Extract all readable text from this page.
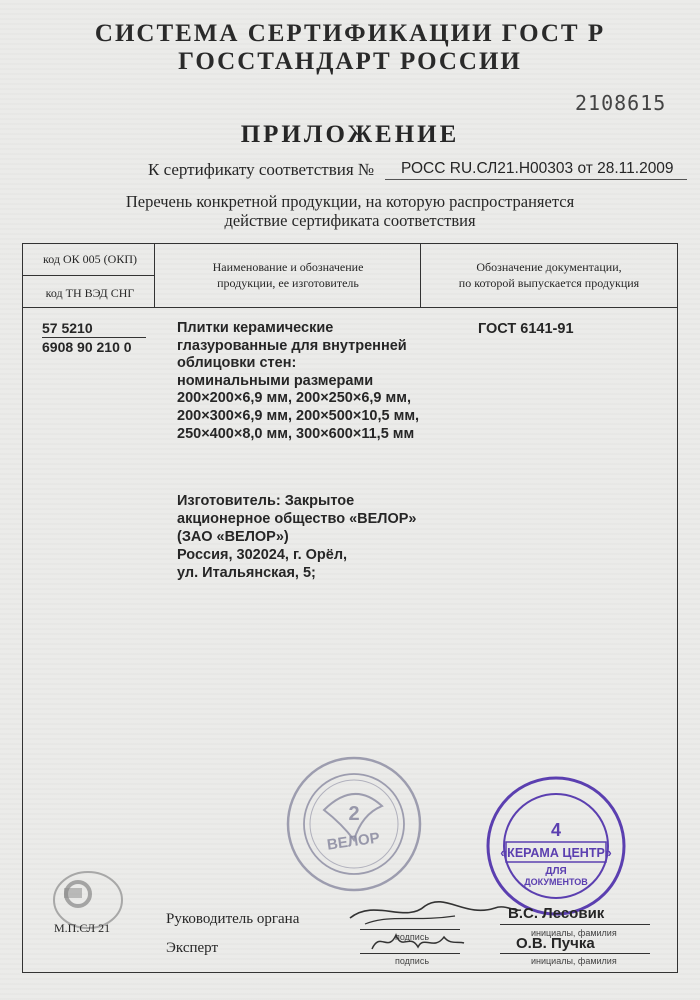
СИСТЕМА СЕРТИФИКАЦИИ ГОСТ Р
ГОССТАНДАРТ РОССИИ
2108615
ПРИЛОЖЕНИЕ
К сертификату соответствия № РОСС RU.СЛ21.Н00303 от 28.11.2009
Перечень конкретной продукции, на которую распространяется
действие сертификата соответствия
код ОК 005 (ОКП)
код ТН ВЭД СНГ
Наименование и обозначение
продукции, ее изготовитель
Обозначение документации,
по которой выпускается продукция
57 5210
6908 90 210 0
Плитки керамические
глазурованные для внутренней
облицовки стен:
номинальными размерами
200×200×6,9 мм, 200×250×6,9 мм,
200×300×6,9 мм, 200×500×10,5 мм,
250×400×8,0 мм, 300×600×11,5 мм
Изготовитель: Закрытое
акционерное общество «ВЕЛОР»
(ЗАО «ВЕЛОР»)
Россия, 302024, г. Орёл,
ул. Итальянская, 5;
ГОСТ 6141-91
2
ВЕЛОР	4
«КЕРАМА ЦЕНТР»
ДЛЯ
ДОКУМЕНТОВ
М.П.СЛ 21
Руководитель органа
подпись
В.С. Лесовик
инициалы, фамилия
Эксперт
подпись
О.В. Пучка
инициалы, фамилия
